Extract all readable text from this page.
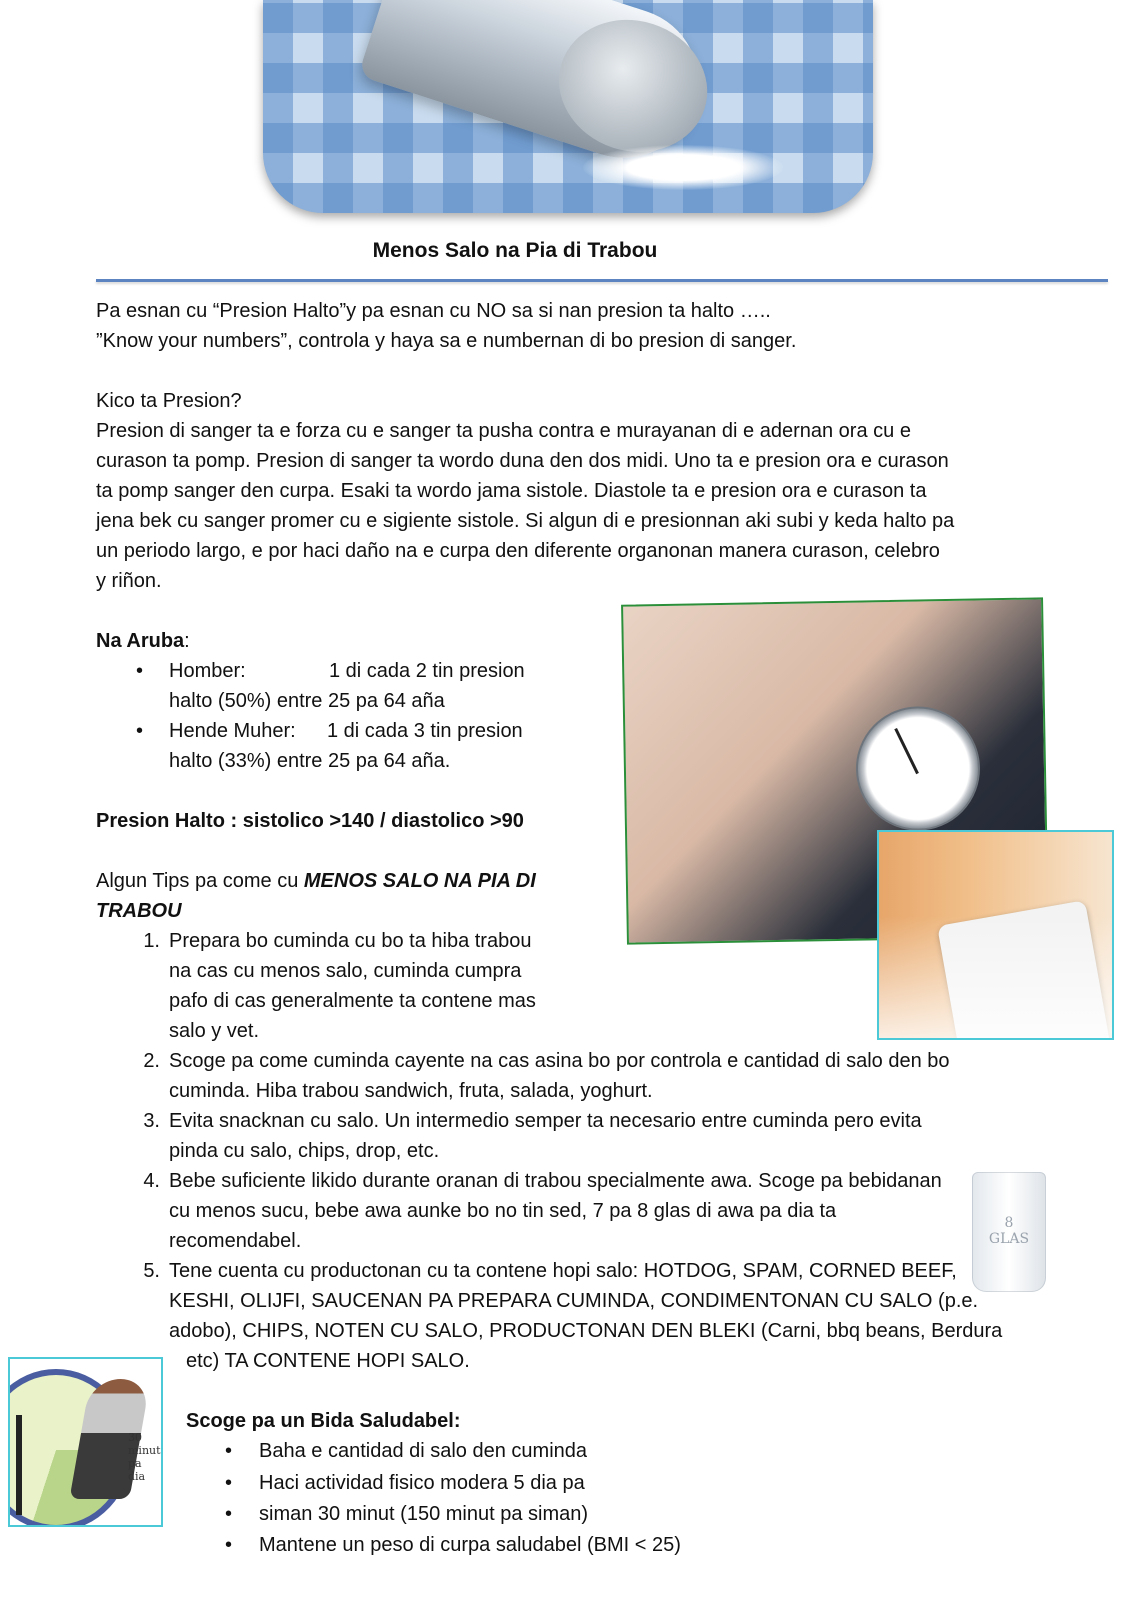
Menos Salo na Pia di Trabou
Pa esnan cu “Presion Halto”y pa esnan cu NO sa si nan presion ta halto …..
”Know your numbers”, controla y haya sa e numbernan di bo presion di sanger.
Kico ta Presion?
Presion di sanger ta e forza cu e sanger ta pusha contra e murayanan di e adernan ora cu e
curason ta pomp. Presion di sanger ta wordo duna den dos midi. Uno ta e presion ora e curason
ta pomp sanger den curpa. Esaki ta wordo jama sistole. Diastole ta e presion ora e curason ta
jena bek cu sanger promer cu e sigiente sistole. Si algun di e presionnan aki subi y keda halto pa
un periodo largo, e por haci daño na e curpa den diferente organonan manera curason, celebro
y riñon.
Na Aruba:
• Homber:	1 di cada 2 tin presion
halto (50%) entre 25 pa 64 aña
• Hende Muher: 1 di cada 3 tin presion
halto (33%) entre 25 pa 64 aña.
Presion Halto : sistolico >140 / diastolico >90
Algun Tips pa come cu MENOS SALO NA PIA DI
TRABOU
1. Prepara bo cuminda cu bo ta hiba trabou
na cas cu menos salo, cuminda cumpra
pafo di cas generalmente ta contene mas
salo y vet.
2. Scoge pa come cuminda cayente na cas asina bo por controla e cantidad di salo den bo
cuminda. Hiba trabou sandwich, fruta, salada, yoghurt.
3. Evita snacknan cu salo. Un intermedio semper ta necesario entre cuminda pero evita
pinda cu salo, chips, drop, etc.
8 GLAS
4. Bebe suficiente likido durante oranan di trabou specialmente awa. Scoge pa bebidanan
cu menos sucu, bebe awa aunke bo no tin sed, 7 pa 8 glas di awa pa dia ta
recomendabel.
5. Tene cuenta cu productonan cu ta contene hopi salo: HOTDOG, SPAM, CORNED BEEF,
KESHI, OLIJFI, SAUCENAN PA PREPARA CUMINDA, CONDIMENTONAN CU SALO (p.e.
adobo), CHIPS, NOTEN CU SALO, PRODUCTONAN DEN BLEKI (Carni, bbq beans, Berdura
etc) TA CONTENE HOPI SALO.
30 minut pa dia
Scoge pa un Bida Saludabel:
• Baha e cantidad di salo den cuminda
• Haci actividad fisico modera 5 dia pa
• siman 30 minut (150 minut pa siman)
• Mantene un peso di curpa saludabel (BMI < 25)
